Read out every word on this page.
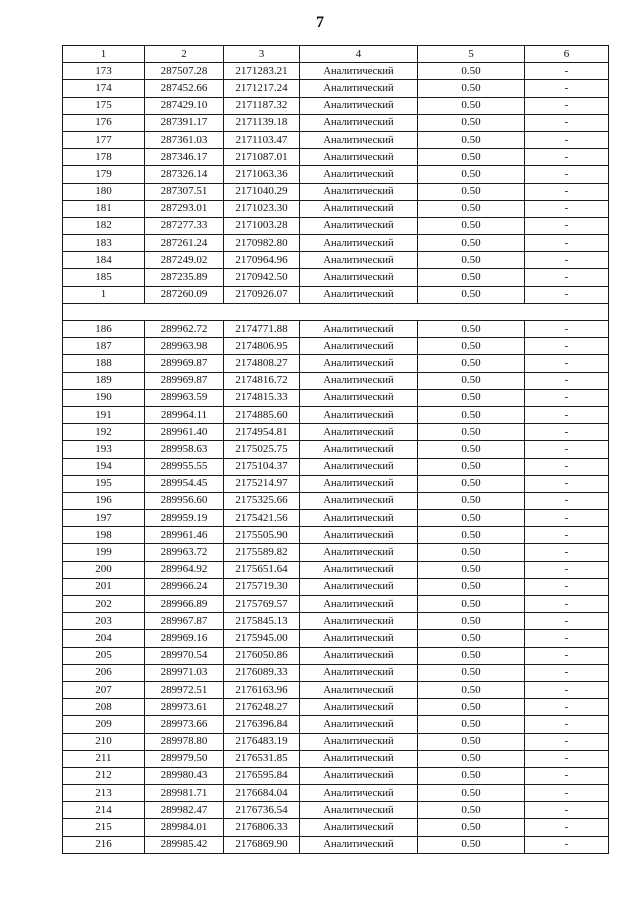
7
1	2	3	4	5	6
173	287507.28	2171283.21	Аналитический	0.50	-
174	287452.66	2171217.24	Аналитический	0.50	-
175	287429.10	2171187.32	Аналитический	0.50	-
176	287391.17	2171139.18	Аналитический	0.50	-
177	287361.03	2171103.47	Аналитический	0.50	-
178	287346.17	2171087.01	Аналитический	0.50	-
179	287326.14	2171063.36	Аналитический	0.50	-
180	287307.51	2171040.29	Аналитический	0.50	-
181	287293.01	2171023.30	Аналитический	0.50	-
182	287277.33	2171003.28	Аналитический	0.50	-
183	287261.24	2170982.80	Аналитический	0.50	-
184	287249.02	2170964.96	Аналитический	0.50	-
185	287235.89	2170942.50	Аналитический	0.50	-
1	287260.09	2170926.07	Аналитический	0.50	-

186	289962.72	2174771.88	Аналитический	0.50	-
187	289963.98	2174806.95	Аналитический	0.50	-
188	289969.87	2174808.27	Аналитический	0.50	-
189	289969.87	2174816.72	Аналитический	0.50	-
190	289963.59	2174815.33	Аналитический	0.50	-
191	289964.11	2174885.60	Аналитический	0.50	-
192	289961.40	2174954.81	Аналитический	0.50	-
193	289958.63	2175025.75	Аналитический	0.50	-
194	289955.55	2175104.37	Аналитический	0.50	-
195	289954.45	2175214.97	Аналитический	0.50	-
196	289956.60	2175325.66	Аналитический	0.50	-
197	289959.19	2175421.56	Аналитический	0.50	-
198	289961.46	2175505.90	Аналитический	0.50	-
199	289963.72	2175589.82	Аналитический	0.50	-
200	289964.92	2175651.64	Аналитический	0.50	-
201	289966.24	2175719.30	Аналитический	0.50	-
202	289966.89	2175769.57	Аналитический	0.50	-
203	289967.87	2175845.13	Аналитический	0.50	-
204	289969.16	2175945.00	Аналитический	0.50	-
205	289970.54	2176050.86	Аналитический	0.50	-
206	289971.03	2176089.33	Аналитический	0.50	-
207	289972.51	2176163.96	Аналитический	0.50	-
208	289973.61	2176248.27	Аналитический	0.50	-
209	289973.66	2176396.84	Аналитический	0.50	-
210	289978.80	2176483.19	Аналитический	0.50	-
211	289979.50	2176531.85	Аналитический	0.50	-
212	289980.43	2176595.84	Аналитический	0.50	-
213	289981.71	2176684.04	Аналитический	0.50	-
214	289982.47	2176736.54	Аналитический	0.50	-
215	289984.01	2176806.33	Аналитический	0.50	-
216	289985.42	2176869.90	Аналитический	0.50	-
